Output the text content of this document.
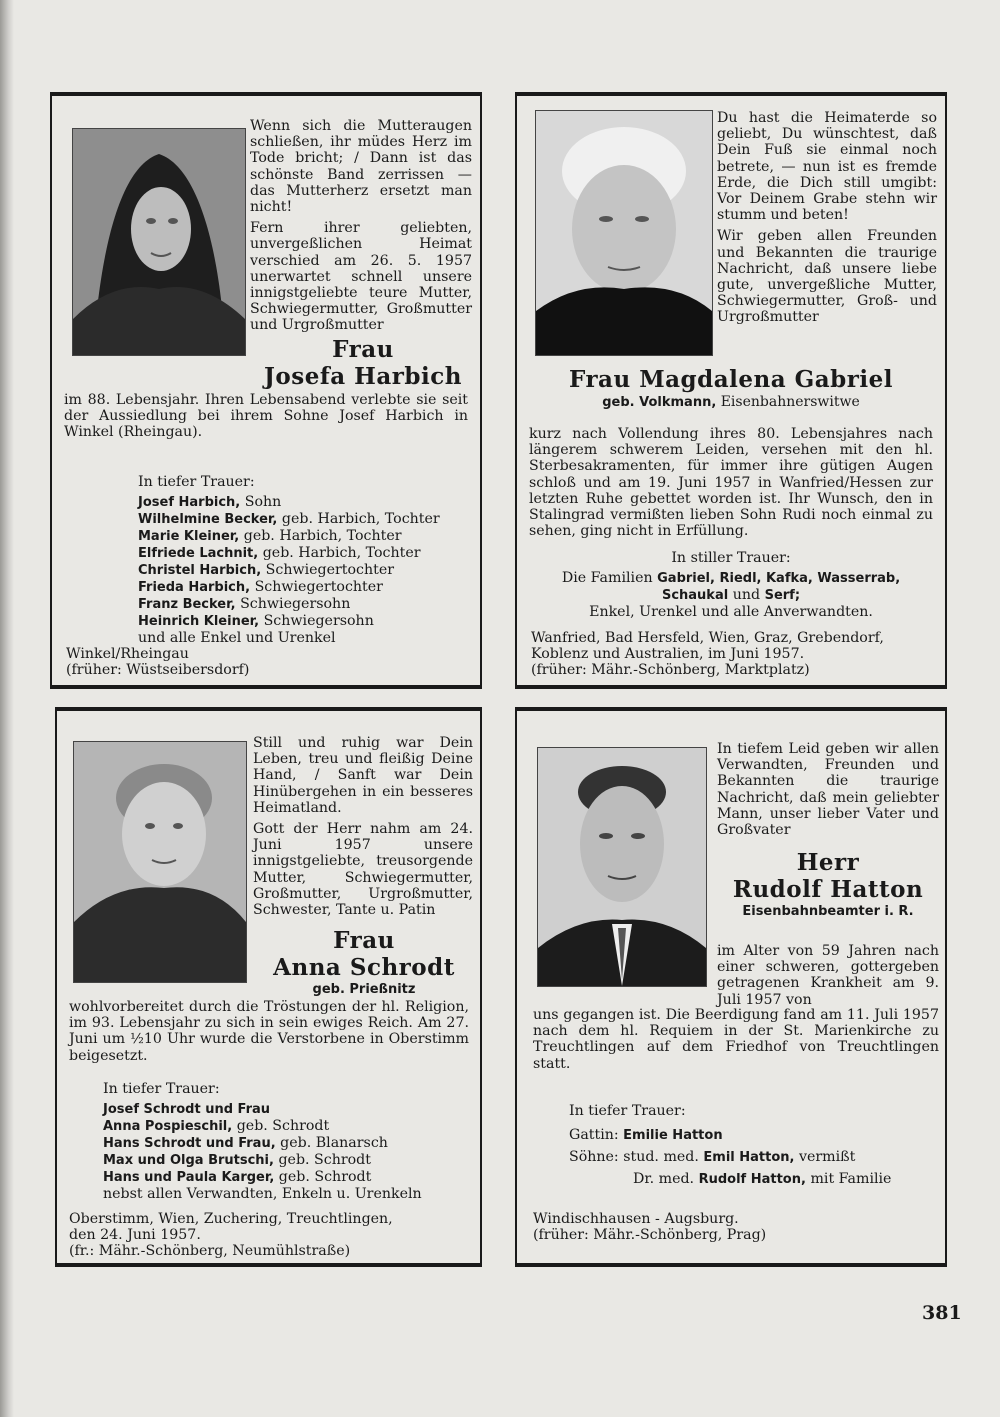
Wenn sich die Mutteraugen schließen, ihr müdes Herz im Tode bricht; / Dann ist das schönste Band zerrissen — das Mutterherz ersetzt man nicht!

Fern ihrer geliebten, unvergeßlichen Heimat verschied am 26. 5. 1957 unerwartet schnell unsere innigstgeliebte teure Mutter, Schwiegermutter, Großmutter und Urgroßmutter

Frau
Josefa Harbich

im 88. Lebensjahr. Ihren Lebensabend verlebte sie seit der Aussiedlung bei ihrem Sohne Josef Harbich in Winkel (Rheingau).

In tiefer Trauer:
Josef Harbich, Sohn
Wilhelmine Becker, geb. Harbich, Tochter
Marie Kleiner, geb. Harbich, Tochter
Elfriede Lachnit, geb. Harbich, Tochter
Christel Harbich, Schwiegertochter
Frieda Harbich, Schwiegertochter
Franz Becker, Schwiegersohn
Heinrich Kleiner, Schwiegersohn
und alle Enkel und Urenkel
Winkel/Rheingau
(früher: Wüstseibersdorf)

Du hast die Heimaterde so geliebt, Du wünschtest, daß Dein Fuß sie einmal noch betrete, — nun ist es fremde Erde, die Dich still umgibt: Vor Deinem Grabe stehn wir stumm und beten!

Wir geben allen Freunden und Bekannten die traurige Nachricht, daß unsere liebe gute, unvergeßliche Mutter, Schwiegermutter, Groß- und Urgroßmutter

Frau Magdalena Gabriel
geb. Volkmann, Eisenbahnerswitwe

kurz nach Vollendung ihres 80. Lebensjahres nach längerem schwerem Leiden, versehen mit den hl. Sterbesakramenten, für immer ihre gütigen Augen schloß und am 19. Juni 1957 in Wanfried/Hessen zur letzten Ruhe gebettet worden ist. Ihr Wunsch, den in Stalingrad vermißten lieben Sohn Rudi noch einmal zu sehen, ging nicht in Erfüllung.

In stiller Trauer:
Die Familien Gabriel, Riedl, Kafka, Wasserrab,
Schaukal und Serf;
Enkel, Urenkel und alle Anverwandten.
Wanfried, Bad Hersfeld, Wien, Graz, Grebendorf, Koblenz und Australien, im Juni 1957.
(früher: Mähr.-Schönberg, Marktplatz)

Still und ruhig war Dein Leben, treu und fleißig Deine Hand, / Sanft war Dein Hinübergehen in ein besseres Heimatland.

Gott der Herr nahm am 24. Juni 1957 unsere innigstgeliebte, treusorgende Mutter, Schwiegermutter, Großmutter, Urgroßmutter, Schwester, Tante u. Patin

Frau
Anna Schrodt
geb. Prießnitz

wohlvorbereitet durch die Tröstungen der hl. Religion, im 93. Lebensjahr zu sich in sein ewiges Reich. Am 27. Juni um ½10 Uhr wurde die Verstorbene in Oberstimm beigesetzt.

In tiefer Trauer:
Josef Schrodt und Frau
Anna Pospieschil, geb. Schrodt
Hans Schrodt und Frau, geb. Blanarsch
Max und Olga Brutschi, geb. Schrodt
Hans und Paula Karger, geb. Schrodt
nebst allen Verwandten, Enkeln u. Urenkeln
Oberstimm, Wien, Zuchering, Treuchtlingen,
den 24. Juni 1957.
(fr.: Mähr.-Schönberg, Neumühlstraße)

In tiefem Leid geben wir allen Verwandten, Freunden und Bekannten die traurige Nachricht, daß mein geliebter Mann, unser lieber Vater und Großvater

Herr
Rudolf Hatton
Eisenbahnbeamter i. R.

im Alter von 59 Jahren nach einer schweren, gottergeben getragenen Krankheit am 9. Juli 1957 von

uns gegangen ist. Die Beerdigung fand am 11. Juli 1957 nach dem hl. Requiem in der St. Marienkirche zu Treuchtlingen auf dem Friedhof von Treuchtlingen statt.

In tiefer Trauer:
Gattin: Emilie Hatton
Söhne: stud. med. Emil Hatton, vermißt
Dr. med. Rudolf Hatton, mit Familie
Windischhausen - Augsburg.
(früher: Mähr.-Schönberg, Prag)
381
